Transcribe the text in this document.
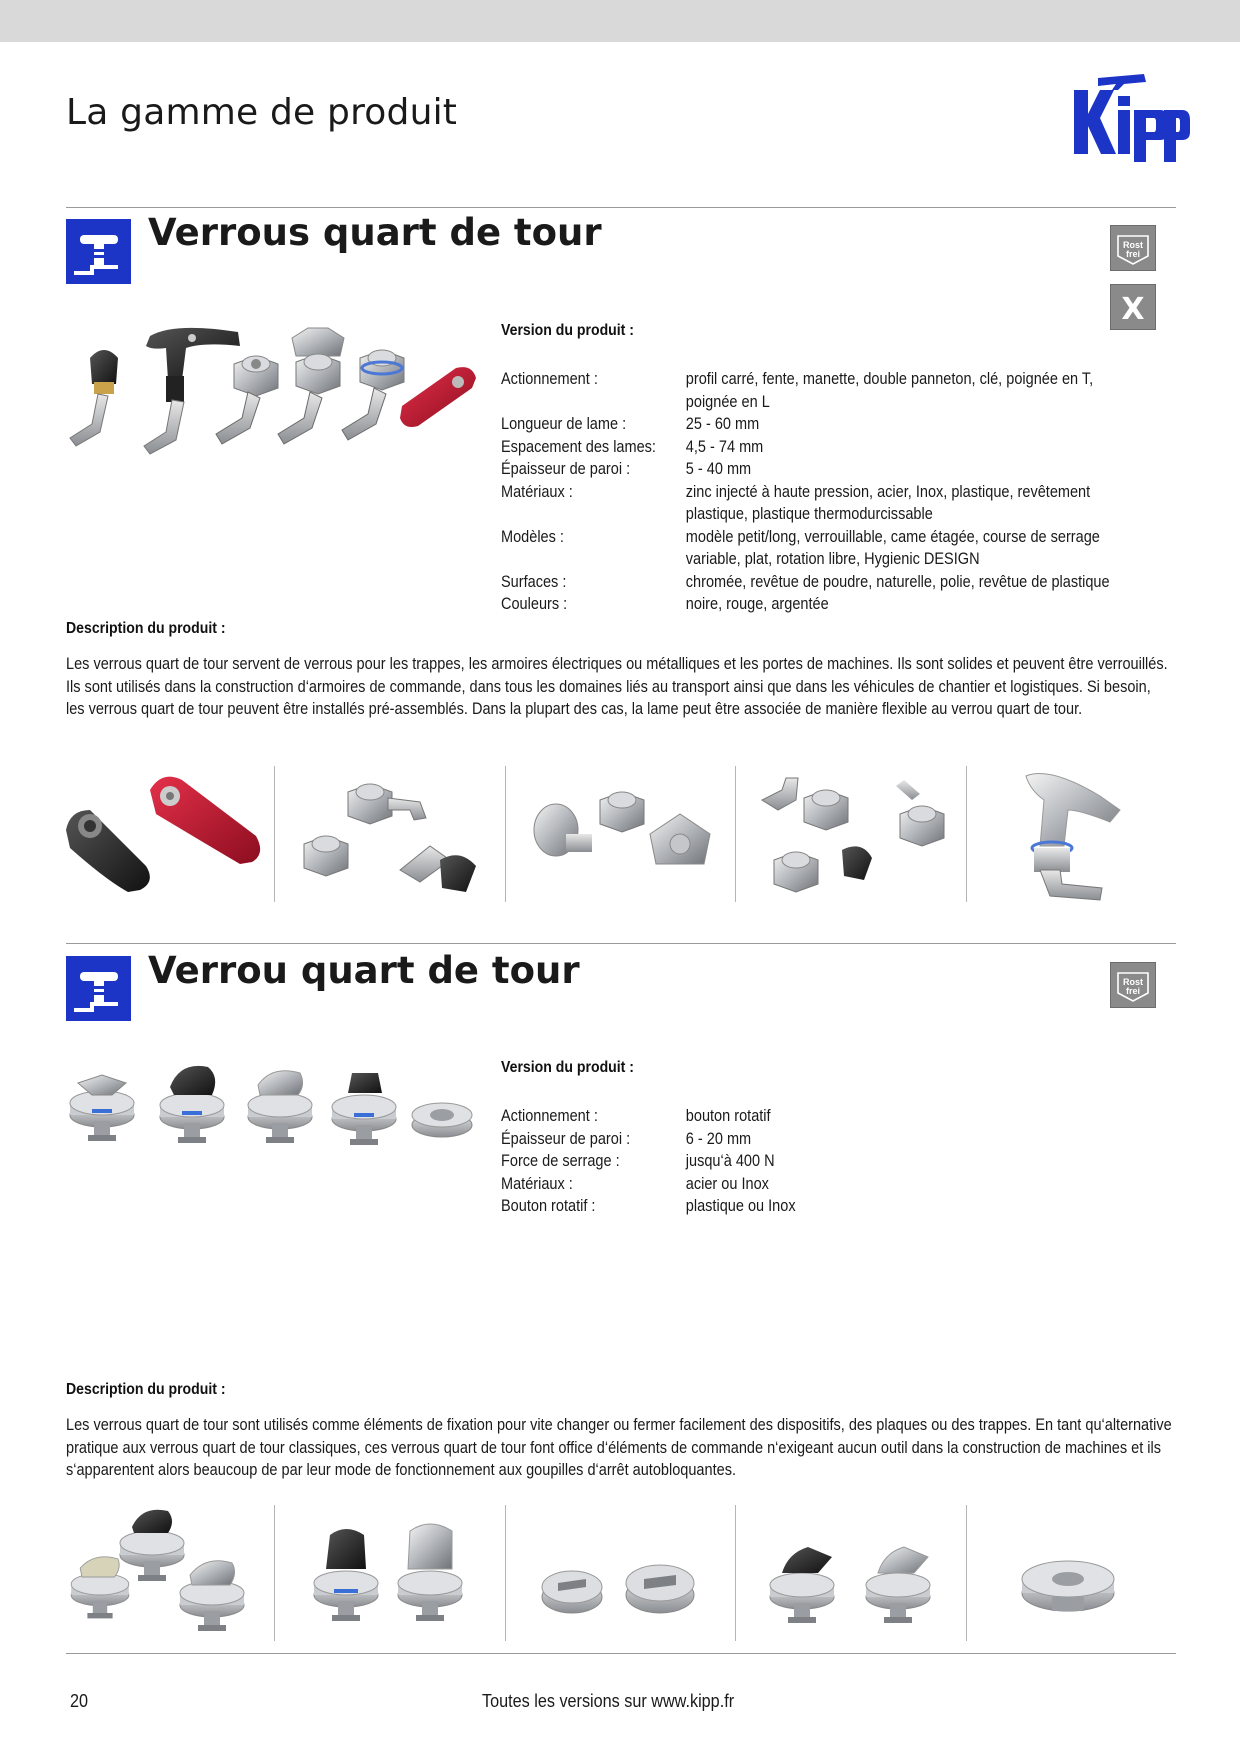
La gamme de produit
Verrous quart de tour	Rost
frei
X
Version du produit :
Actionnement :	profil carré, fente, manette, double panneton, clé, poignée en T, poignée en L
Longueur de lame :	25 - 60 mm
Espacement des lames:	4,5 - 74 mm
Épaisseur de paroi :	5 - 40 mm
Matériaux :	zinc injecté à haute pression, acier, Inox, plastique, revêtement plastique, plastique thermodurcissable
Modèles :	modèle petit/long, verrouillable, came étagée, course de serrage variable, plat, rotation libre, Hygienic DESIGN
Surfaces :	chromée, revêtue de poudre, naturelle, polie, revêtue de plastique
Couleurs :	noire, rouge, argentée
Description du produit :

Les verrous quart de tour servent de verrous pour les trappes, les armoires électriques ou métalliques et les portes de machines. Ils sont solides et peuvent être verrouillés. Ils sont utilisés dans la construction d‘armoires de commande, dans tous les domaines liés au transport ainsi que dans les véhicules de chantier et logistiques. Si besoin, les verrous quart de tour peuvent être installés pré-assemblés. Dans la plupart des cas, la lame peut être associée de manière flexible au verrou quart de tour.

Verrou quart de tour	Rost
frei
Version du produit :
Actionnement :	bouton rotatif
Épaisseur de paroi :	6 - 20 mm
Force de serrage :	jusqu‘à 400 N
Matériaux :	acier ou Inox
Bouton rotatif :	plastique ou Inox
Description du produit :

Les verrous quart de tour sont utilisés comme éléments de fixation pour vite changer ou fermer facilement des dispositifs, des plaques ou des trappes. En tant qu‘alternative pratique aux verrous quart de tour classiques, ces verrous quart de tour font office d‘éléments de commande n‘exigeant aucun outil dans la construction de machines et ils s‘apparentent alors beaucoup de par leur mode de fonctionnement aux goupilles d‘arrêt autobloquantes.

20	Toutes les versions sur www.kipp.fr
